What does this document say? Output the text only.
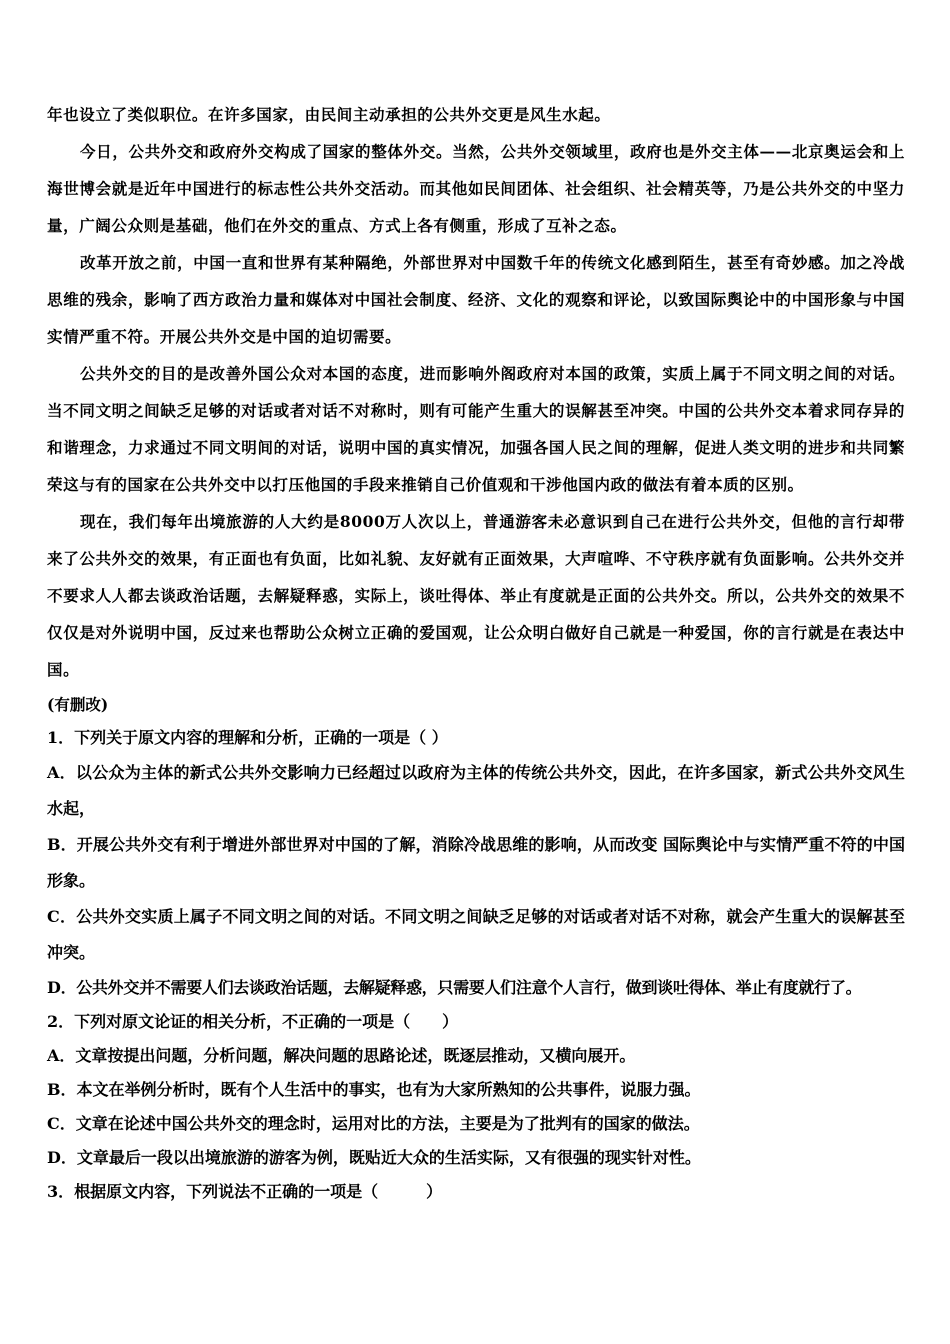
年也设立了类似职位。在许多国家，由民间主动承担的公共外交更是风生水起。

今日，公共外交和政府外交构成了国家的整体外交。当然，公共外交领域里，政府也是外交主体——北京奥运会和上海世博会就是近年中国进行的标志性公共外交活动。而其他如民间团体、社会组织、社会精英等，乃是公共外交的中坚力量，广阔公众则是基础，他们在外交的重点、方式上各有侧重，形成了互补之态。

改革开放之前，中国一直和世界有某种隔绝，外部世界对中国数千年的传统文化感到陌生，甚至有奇妙感。加之冷战思维的残余，影响了西方政治力量和媒体对中国社会制度、经济、文化的观察和评论，以致国际舆论中的中国形象与中国实情严重不符。开展公共外交是中国的迫切需要。

公共外交的目的是改善外国公众对本国的态度，进而影响外阁政府对本国的政策，实质上属于不同文明之间的对话。当不同文明之间缺乏足够的对话或者对话不对称时，则有可能产生重大的误解甚至冲突。中国的公共外交本着求同存异的和谐理念，力求通过不同文明间的对话，说明中国的真实情况，加强各国人民之间的理解，促进人类文明的进步和共同繁荣这与有的国家在公共外交中以打压他国的手段来推销自己价值观和干涉他国内政的做法有着本质的区别。

现在，我们每年出境旅游的人大约是8000万人次以上，普通游客未必意识到自己在进行公共外交，但他的言行却带来了公共外交的效果，有正面也有负面，比如礼貌、友好就有正面效果，大声喧哗、不守秩序就有负面影响。公共外交并不要求人人都去谈政治话题，去解疑释惑，实际上，谈吐得体、举止有度就是正面的公共外交。所以，公共外交的效果不仅仅是对外说明中国，反过来也帮助公众树立正确的爱国观，让公众明白做好自己就是一种爱国，你的言行就是在表达中国。

(有删改)

1．下列关于原文内容的理解和分析，正确的一项是（ ）

A．以公众为主体的新式公共外交影响力已经超过以政府为主体的传统公共外交，因此，在许多国家，新式公共外交风生水起，

B．开展公共外交有利于增进外部世界对中国的了解，消除冷战思维的影响，从而改变 国际舆论中与实情严重不符的中国形象。

C．公共外交实质上属子不同文明之间的对话。不同文明之间缺乏足够的对话或者对话不对称，就会产生重大的误解甚至冲突。

D．公共外交并不需要人们去谈政治话题，去解疑释惑，只需要人们注意个人言行，做到谈吐得体、举止有度就行了。

2．下列对原文论证的相关分析，不正确的一项是（　　）

A．文章按提出问题，分析问题，解决问题的思路论述，既逐层推动，又横向展开。

B．本文在举例分析时，既有个人生活中的事实，也有为大家所熟知的公共事件，说服力强。

C．文章在论述中国公共外交的理念时，运用对比的方法，主要是为了批判有的国家的做法。

D．文章最后一段以出境旅游的游客为例，既贴近大众的生活实际，又有很强的现实针对性。

3．根据原文内容，下列说法不正确的一项是（　　　）
